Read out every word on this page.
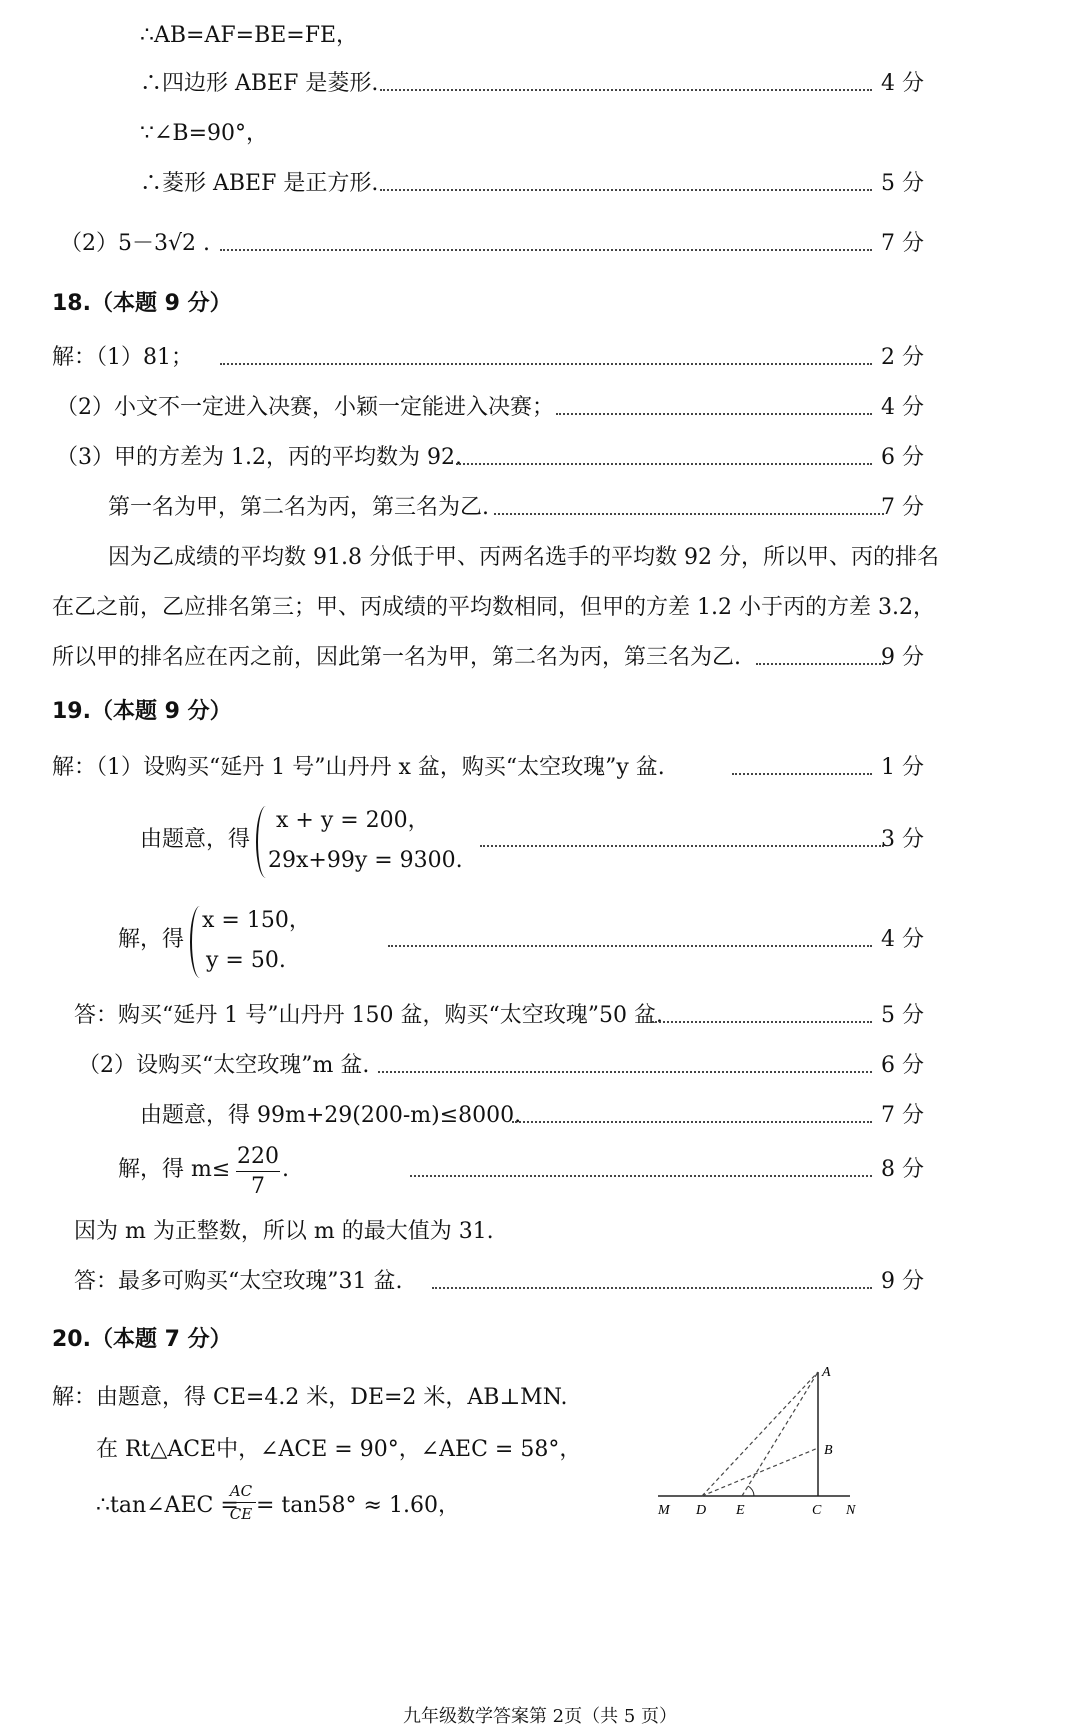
∴AB=AF=BE=FE，
∴四边形 ABEF 是菱形.	4 分
∵∠B=90°，
∴菱形 ABEF 是正方形.	5 分
（2）5－3√2 .	7 分
18.（本题 9 分）
解：（1）81；	2 分
（2）小文不一定进入决赛，小颖一定能进入决赛；	4 分
（3）甲的方差为 1.2，丙的平均数为 92.	6 分
第一名为甲，第二名为丙，第三名为乙.	7 分
因为乙成绩的平均数 91.8 分低于甲、丙两名选手的平均数 92 分，所以甲、丙的排名
在乙之前，乙应排名第三；甲、丙成绩的平均数相同，但甲的方差 1.2 小于丙的方差 3.2，
所以甲的排名应在丙之前，因此第一名为甲，第二名为丙，第三名为乙.	9 分
19.（本题 9 分）
解：（1）设购买“延丹 1 号”山丹丹 x 盆，购买“太空玫瑰”y 盆.	1 分
由题意，得	3 分
x + y = 200，
29x+99y = 9300.
解，得	4 分
x = 150，
y = 50.
答：购买“延丹 1 号”山丹丹 150 盆，购买“太空玫瑰”50 盆.	5 分
（2）设购买“太空玫瑰”m 盆.	6 分
由题意，得 99m+29(200-m)≤8000.	7 分
解，得 m≤ .	8 分
220
7
因为 m 为正整数，所以 m 的最大值为 31.
答：最多可购买“太空玫瑰”31 盆.	9 分
20.（本题 7 分）
解：由题意，得 CE=4.2 米，DE=2 米，AB⊥MN.
在 Rt△ACE中，∠ACE = 90°，∠AEC = 58°，
∴tan∠AEC = = tan58° ≈ 1.60，
AC
CE
A
B
M D E	C N
九年级数学答案第 2页（共 5 页）
